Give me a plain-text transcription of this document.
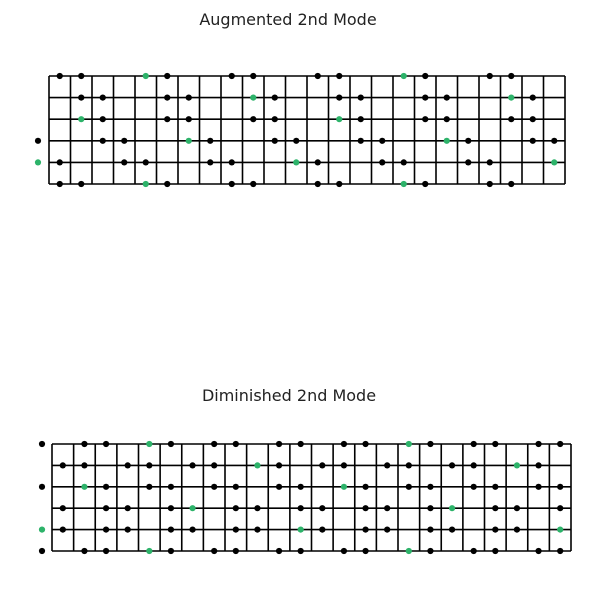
Augmented 2nd Mode
Diminished 2nd Mode
